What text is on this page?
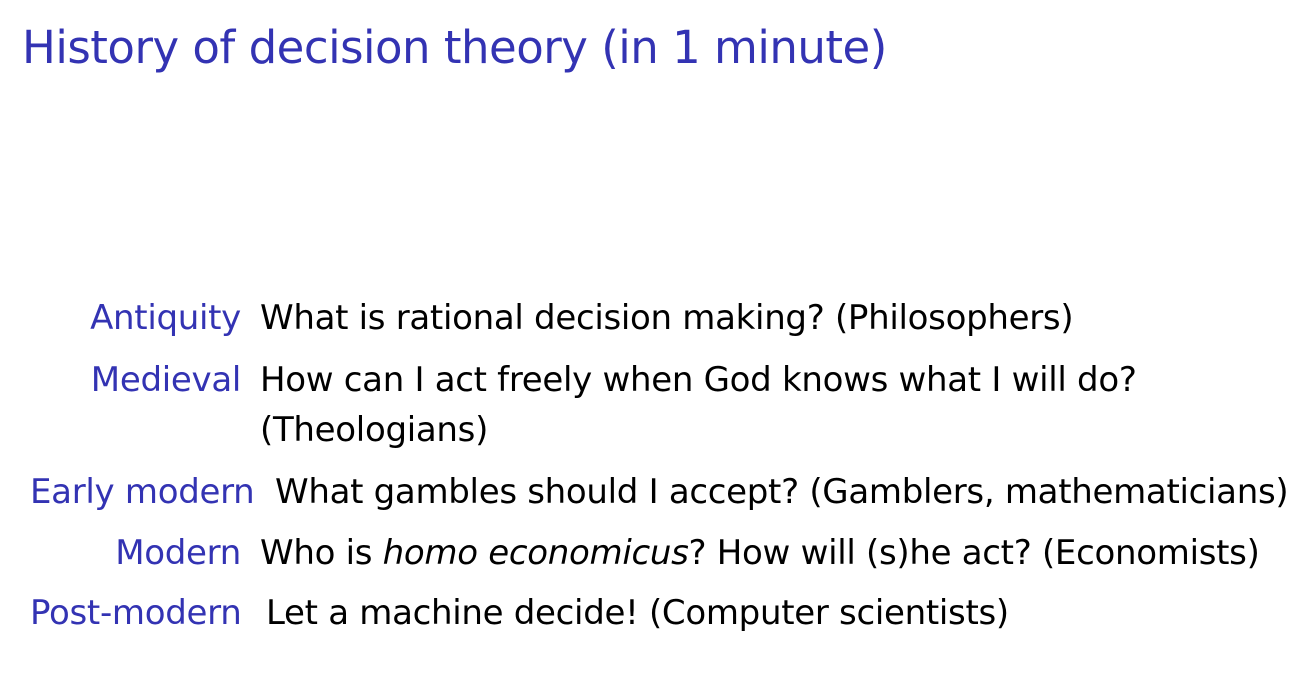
History of decision theory (in 1 minute)
Antiquity What is rational decision making? (Philosophers)
Medieval How can I act freely when God knows what I will do?
(Theologians)
Early modern What gambles should I accept? (Gamblers, mathematicians)
Modern Who is homo economicus? How will (s)he act? (Economists)
Post-modern Let a machine decide! (Computer scientists)
